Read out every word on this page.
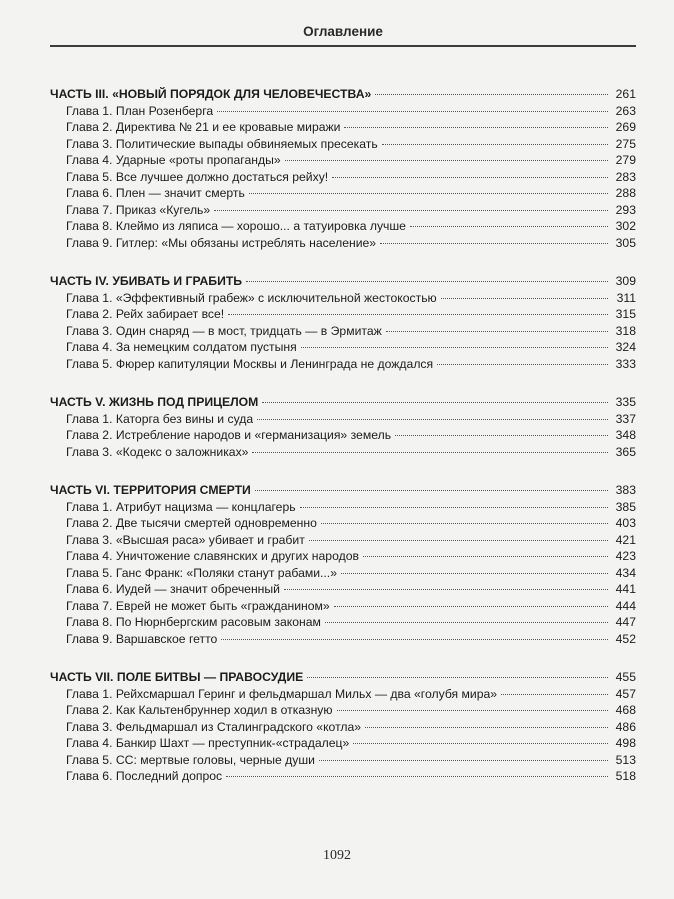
Оглавление
ЧАСТЬ III. «НОВЫЙ ПОРЯДОК ДЛЯ ЧЕЛОВЕЧЕСТВА»	261
Глава 1. План Розенберга	263
Глава 2. Директива № 21 и ее кровавые миражи	269
Глава 3. Политические выпады обвиняемых пресекать	275
Глава 4. Ударные «роты пропаганды»	279
Глава 5. Все лучшее должно достаться рейху!	283
Глава 6. Плен — значит смерть	288
Глава 7. Приказ «Кугель»	293
Глава 8. Клеймо из ляписа — хорошо... а татуировка лучше	302
Глава 9. Гитлер: «Мы обязаны истреблять население»	305
ЧАСТЬ IV. УБИВАТЬ И ГРАБИТЬ	309
Глава 1. «Эффективный грабеж» с исключительной жестокостью	311
Глава 2. Рейх забирает все!	315
Глава 3. Один снаряд — в мост, тридцать — в Эрмитаж	318
Глава 4. За немецким солдатом пустыня	324
Глава 5. Фюрер капитуляции Москвы и Ленинграда не дождался	333
ЧАСТЬ V. ЖИЗНЬ ПОД ПРИЦЕЛОМ	335
Глава 1. Каторга без вины и суда	337
Глава 2. Истребление народов и «германизация» земель	348
Глава 3. «Кодекс о заложниках»	365
ЧАСТЬ VI. ТЕРРИТОРИЯ СМЕРТИ	383
Глава 1. Атрибут нацизма — концлагерь	385
Глава 2. Две тысячи смертей одновременно	403
Глава 3. «Высшая раса» убивает и грабит	421
Глава 4. Уничтожение славянских и других народов	423
Глава 5. Ганс Франк: «Поляки станут рабами...»	434
Глава 6. Иудей — значит обреченный	441
Глава 7. Еврей не может быть «гражданином»	444
Глава 8. По Нюрнбергским расовым законам	447
Глава 9. Варшавское гетто	452
ЧАСТЬ VII. ПОЛЕ БИТВЫ — ПРАВОСУДИЕ	455
Глава 1. Рейхсмаршал Геринг и фельдмаршал Мильх — два «голубя мира»	457
Глава 2. Как Кальтенбруннер ходил в отказную	468
Глава 3. Фельдмаршал из Сталинградского «котла»	486
Глава 4. Банкир Шахт — преступник-«страдалец»	498
Глава 5. СС: мертвые головы, черные души	513
Глава 6. Последний допрос	518
1092
